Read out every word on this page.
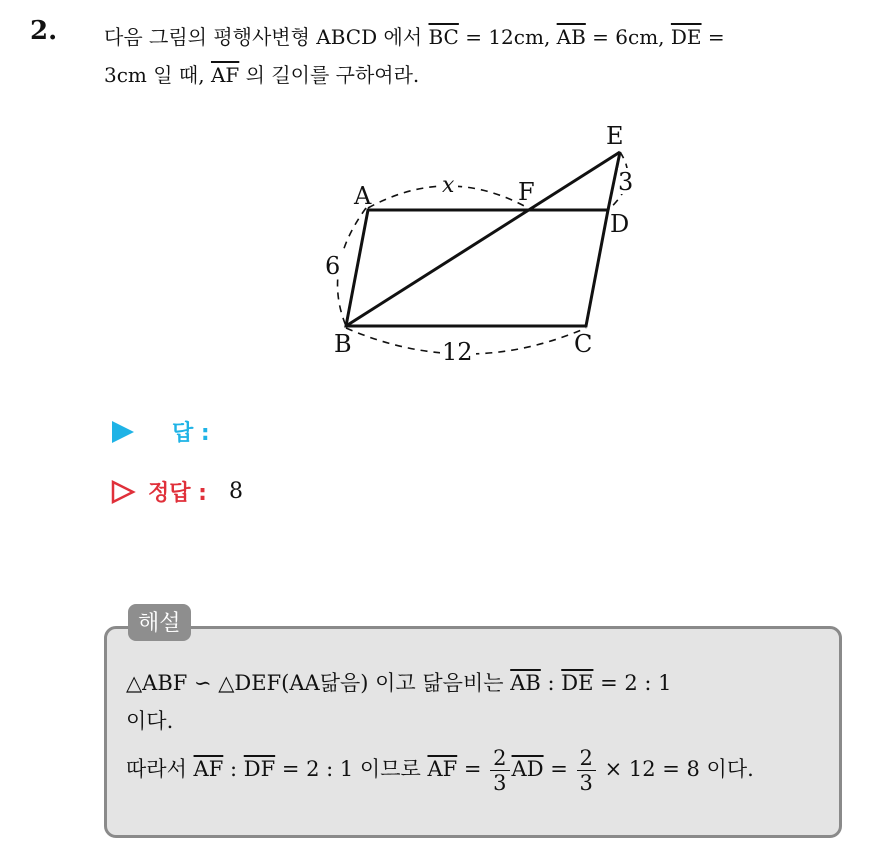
2. 다음 그림의 평행사변형 ABCD 에서 $\overline{BC} = 12cm$, $\overline{AB} = 6cm$, $\overline{DE}$ =
3cm 일 때, $\overline{AF}$ 의 길이를 구하여라.
A
B	C
D
E
F
x
6
12
3
답 :
정답 : 8
해설
△ABF ∽ △DEF(AA닮음) 이고 닮음비는 $\overline{AB}$ : $\overline{DE} = 2$ : 1
이다.
따라서 $\overline{AF}$ : $\overline{DF} = 2$ : 1 이므로 $\overline{AF} = \frac{2}{3} \overline{AD} = \frac{2}{3} \times 12 = 8$ 이다.
